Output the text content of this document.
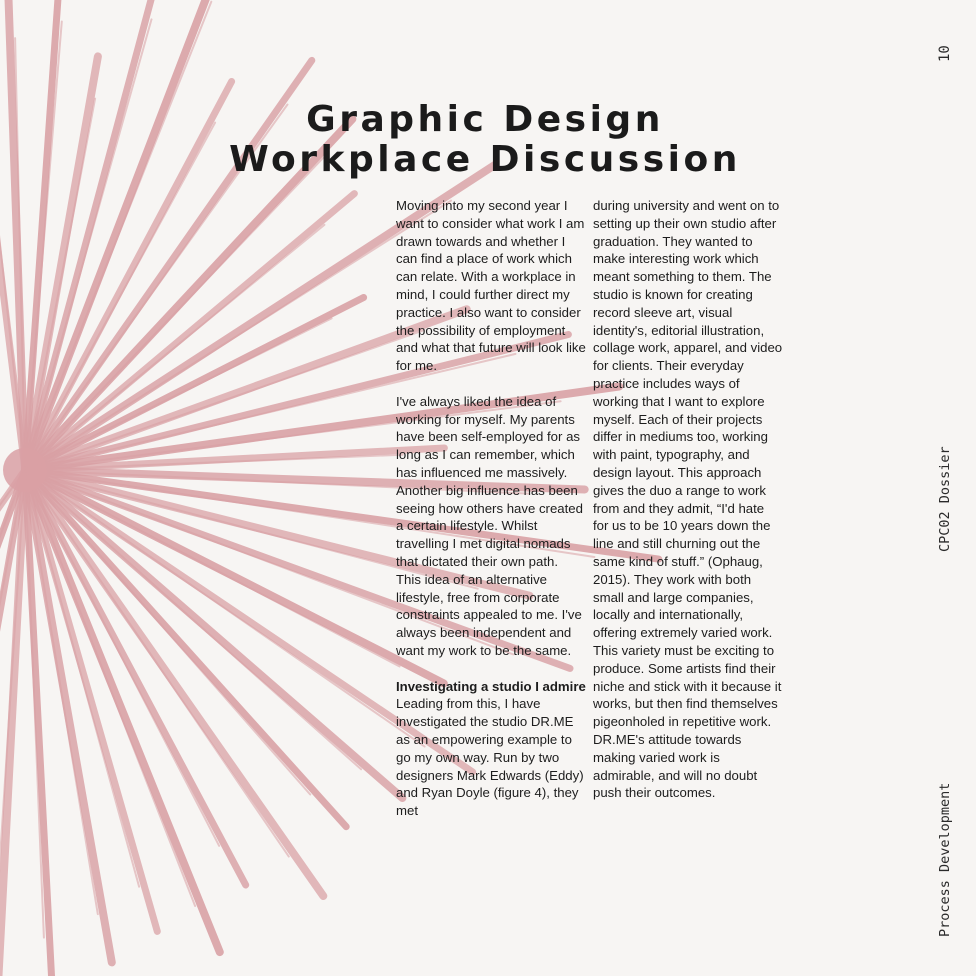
Graphic Design
Workplace Discussion

Moving into my second year I want to consider what work I am drawn towards and whether I can find a place of work which can relate. With a workplace in mind, I could further direct my practice. I also want to consider the possibility of employment and what that future will look like for me.

I've always liked the idea of working for myself. My parents have been self-employed for as long as I can remember, which has influenced me massively. Another big influence has been seeing how others have created a certain lifestyle. Whilst travelling I met digital nomads that dictated their own path. This idea of an alternative lifestyle, free from corporate constraints appealed to me. I've always been independent and want my work to be the same.

Investigating a studio I admire

Leading from this, I have investigated the studio DR.ME as an empowering example to go my own way. Run by two designers Mark Edwards (Eddy) and Ryan Doyle (figure 4), they met

during university and went on to setting up their own studio after graduation. They wanted to make interesting work which meant something to them. The studio is known for creating record sleeve art, visual identity's, editorial illustration, collage work, apparel, and video for clients. Their everyday practice includes ways of working that I want to explore myself. Each of their projects differ in mediums too, working with paint, typography, and design layout. This approach gives the duo a range to work from and they admit, “I'd hate for us to be 10 years down the line and still churning out the same kind of stuff.” (Ophaug, 2015). They work with both small and large companies, locally and internationally, offering extremely varied work. This variety must be exciting to produce. Some artists find their niche and stick with it because it works, but then find themselves pigeonholed in repetitive work. DR.ME's attitude towards making varied work is admirable, and will no doubt push their outcomes.

10
CPC02 Dossier
Process Development
